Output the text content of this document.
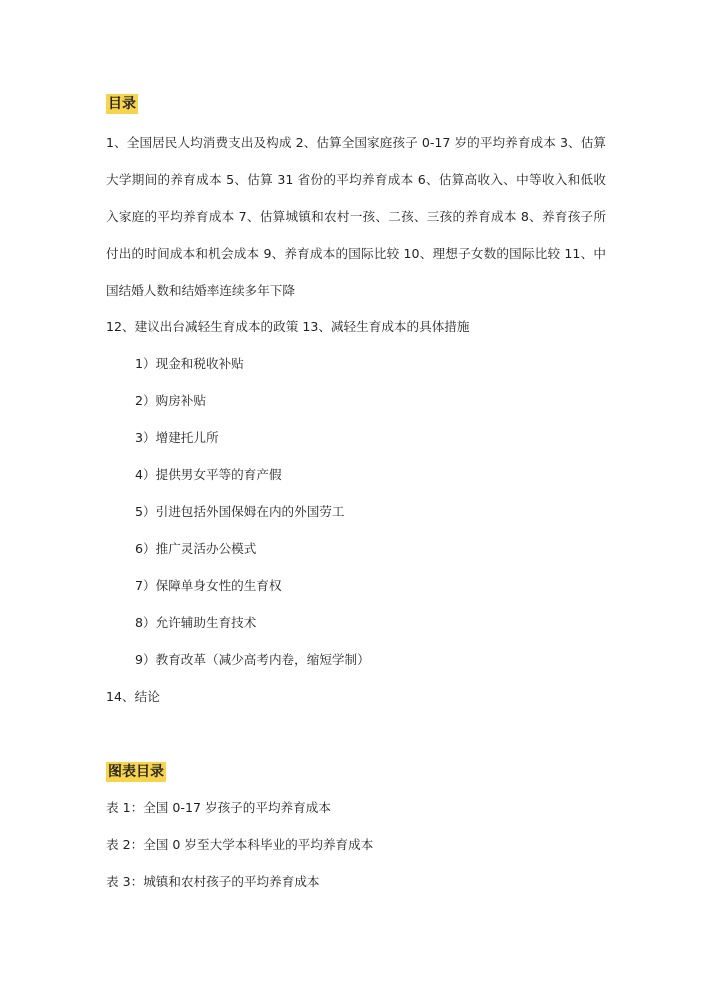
目录
1、全国居民人均消费支出及构成 2、估算全国家庭孩子 0-17 岁的平均养育成本 3、估算大学期间的养育成本 5、估算 31 省份的平均养育成本 6、估算高收入、中等收入和低收入家庭的平均养育成本 7、估算城镇和农村一孩、二孩、三孩的养育成本 8、养育孩子所付出的时间成本和机会成本 9、养育成本的国际比较 10、理想子女数的国际比较 11、中国结婚人数和结婚率连续多年下降
12、建议出台减轻生育成本的政策 13、减轻生育成本的具体措施
1）现金和税收补贴
2）购房补贴
3）增建托儿所
4）提供男女平等的育产假
5）引进包括外国保姆在内的外国劳工
6）推广灵活办公模式
7）保障单身女性的生育权
8）允许辅助生育技术
9）教育改革（减少高考内卷，缩短学制）
14、结论
图表目录
表 1：全国 0-17 岁孩子的平均养育成本
表 2：全国 0 岁至大学本科毕业的平均养育成本
表 3：城镇和农村孩子的平均养育成本
